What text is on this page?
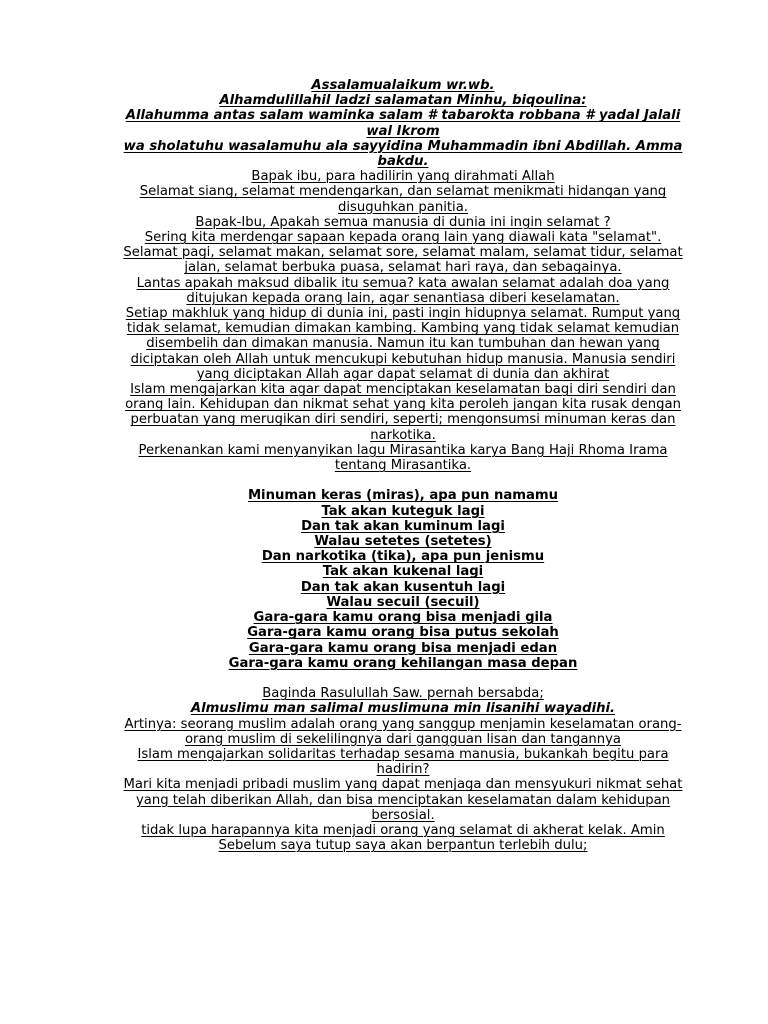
Assalamualaikum wr.wb.
Alhamdulillahil ladzi salamatan Minhu, biqoulina:
Allahumma antas salam waminka salam # tabarokta robbana # yadal Jalali wal Ikrom
wa sholatuhu wasalamuhu ala sayyidina Muhammadin ibni Abdillah. Amma bakdu.
Bapak ibu, para hadilirin yang dirahmati Allah
Selamat siang, selamat mendengarkan, dan selamat menikmati hidangan yang disuguhkan panitia.
Bapak-Ibu, Apakah semua manusia di dunia ini ingin selamat ?
Sering kita merdengar sapaan kepada orang lain yang diawali kata "selamat". Selamat pagi, selamat makan, selamat sore, selamat malam, selamat tidur, selamat jalan, selamat berbuka puasa, selamat hari raya, dan sebagainya.
Lantas apakah maksud dibalik itu semua? kata awalan selamat adalah doa yang ditujukan kepada orang lain, agar senantiasa diberi keselamatan.
Setiap makhluk yang hidup di dunia ini, pasti ingin hidupnya selamat. Rumput yang tidak selamat, kemudian dimakan kambing. Kambing yang tidak selamat kemudian disembelih dan dimakan manusia. Namun itu kan tumbuhan dan hewan yang diciptakan oleh Allah untuk mencukupi kebutuhan hidup manusia. Manusia sendiri yang diciptakan Allah agar dapat selamat di dunia dan akhirat
Islam mengajarkan kita agar dapat menciptakan keselamatan bagi diri sendiri dan orang lain. Kehidupan dan nikmat sehat yang kita peroleh jangan kita rusak dengan perbuatan yang merugikan diri sendiri, seperti; mengonsumsi minuman keras dan narkotika.
Perkenankan kami menyanyikan lagu Mirasantika karya Bang Haji Rhoma Irama tentang Mirasantika.
Minuman keras (miras), apa pun namamu
Tak akan kuteguk lagi
Dan tak akan kuminum lagi
Walau setetes (setetes)
Dan narkotika (tika), apa pun jenismu
Tak akan kukenal lagi
Dan tak akan kusentuh lagi
Walau secuil (secuil)
Gara-gara kamu orang bisa menjadi gila
Gara-gara kamu orang bisa putus sekolah
Gara-gara kamu orang bisa menjadi edan
Gara-gara kamu orang kehilangan masa depan
Baginda Rasulullah Saw. pernah bersabda;
Almuslimu man salimal muslimuna min lisanihi wayadihi.
Artinya: seorang muslim adalah orang yang sanggup menjamin keselamatan orang-orang muslim di sekelilingnya dari gangguan lisan dan tangannya
Islam mengajarkan solidaritas terhadap sesama manusia, bukankah begitu para hadirin?
Mari kita menjadi pribadi muslim yang dapat menjaga dan mensyukuri nikmat sehat yang telah diberikan Allah, dan bisa menciptakan keselamatan dalam kehidupan bersosial.
tidak lupa harapannya kita menjadi orang yang selamat di akherat kelak. Amin
Sebelum saya tutup saya akan berpantun terlebih dulu;
